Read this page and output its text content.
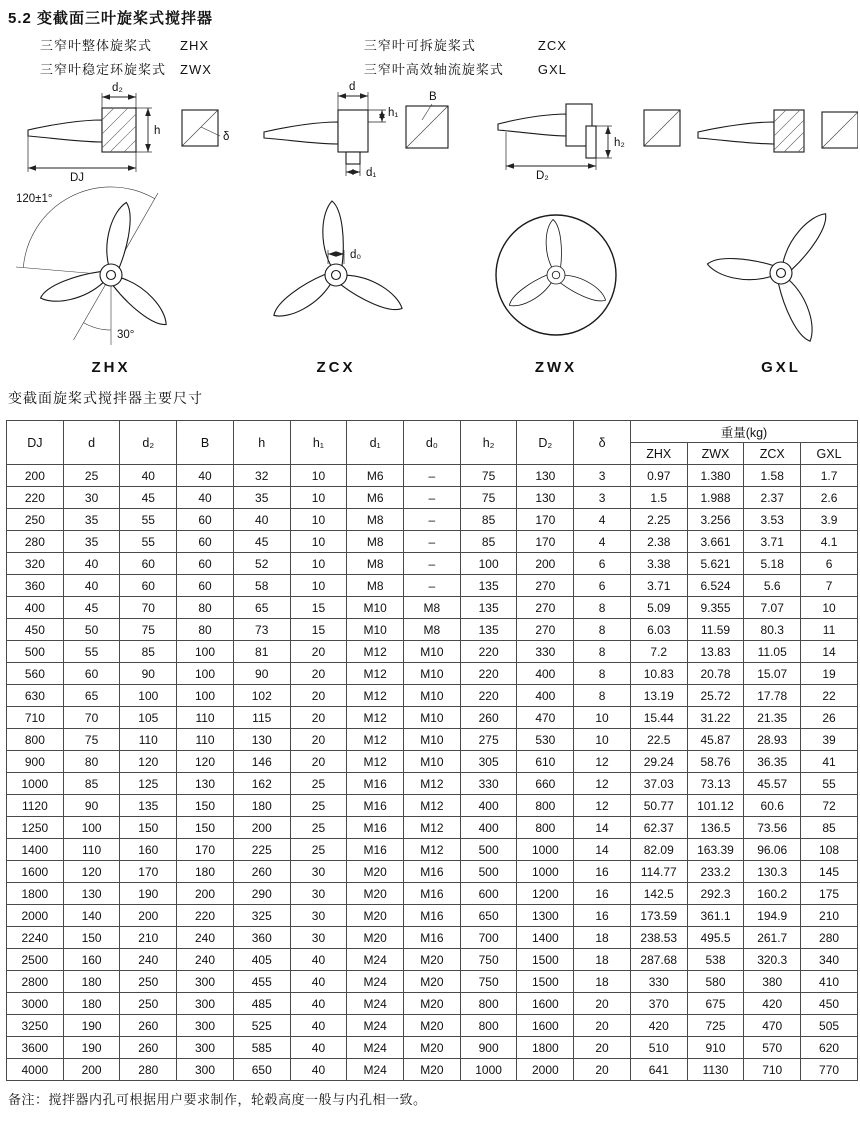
5.2 变截面三叶旋桨式搅拌器
三窄叶整体旋桨式	ZHX
三窄叶稳定环旋桨式	ZWX
三窄叶可拆旋桨式	ZCX
三窄叶高效轴流旋桨式	GXL
d₂
h
DJ
δ
d
h₁
d₁
B
h₂
D₂
120±1°
30°
d₀
ZHX	ZCX	ZWX	GXL
变截面旋桨式搅拌器主要尺寸
DJ	d	d₂	B	h	h₁	d₁	d₀	h₂	D₂	δ	重量(kg)			
											ZHX	ZWX	ZCX	GXL
200	25	40	40	32	10	M6	–	75	130	3	0.97	1.380	1.58	1.7
220	30	45	40	35	10	M6	–	75	130	3	1.5	1.988	2.37	2.6
250	35	55	60	40	10	M8	–	85	170	4	2.25	3.256	3.53	3.9
280	35	55	60	45	10	M8	–	85	170	4	2.38	3.661	3.71	4.1
320	40	60	60	52	10	M8	–	100	200	6	3.38	5.621	5.18	6
360	40	60	60	58	10	M8	–	135	270	6	3.71	6.524	5.6	7
400	45	70	80	65	15	M10	M8	135	270	8	5.09	9.355	7.07	10
450	50	75	80	73	15	M10	M8	135	270	8	6.03	11.59	80.3	11
500	55	85	100	81	20	M12	M10	220	330	8	7.2	13.83	11.05	14
560	60	90	100	90	20	M12	M10	220	400	8	10.83	20.78	15.07	19
630	65	100	100	102	20	M12	M10	220	400	8	13.19	25.72	17.78	22
710	70	105	110	115	20	M12	M10	260	470	10	15.44	31.22	21.35	26
800	75	110	110	130	20	M12	M10	275	530	10	22.5	45.87	28.93	39
900	80	120	120	146	20	M12	M10	305	610	12	29.24	58.76	36.35	41
1000	85	125	130	162	25	M16	M12	330	660	12	37.03	73.13	45.57	55
1120	90	135	150	180	25	M16	M12	400	800	12	50.77	101.12	60.6	72
1250	100	150	150	200	25	M16	M12	400	800	14	62.37	136.5	73.56	85
1400	110	160	170	225	25	M16	M12	500	1000	14	82.09	163.39	96.06	108
1600	120	170	180	260	30	M20	M16	500	1000	16	114.77	233.2	130.3	145
1800	130	190	200	290	30	M20	M16	600	1200	16	142.5	292.3	160.2	175
2000	140	200	220	325	30	M20	M16	650	1300	16	173.59	361.1	194.9	210
2240	150	210	240	360	30	M20	M16	700	1400	18	238.53	495.5	261.7	280
2500	160	240	240	405	40	M24	M20	750	1500	18	287.68	538	320.3	340
2800	180	250	300	455	40	M24	M20	750	1500	18	330	580	380	410
3000	180	250	300	485	40	M24	M20	800	1600	20	370	675	420	450
3250	190	260	300	525	40	M24	M20	800	1600	20	420	725	470	505
3600	190	260	300	585	40	M24	M20	900	1800	20	510	910	570	620
4000	200	280	300	650	40	M24	M20	1000	2000	20	641	1130	710	770
备注：搅拌器内孔可根据用户要求制作，轮毂高度一般与内孔相一致。
